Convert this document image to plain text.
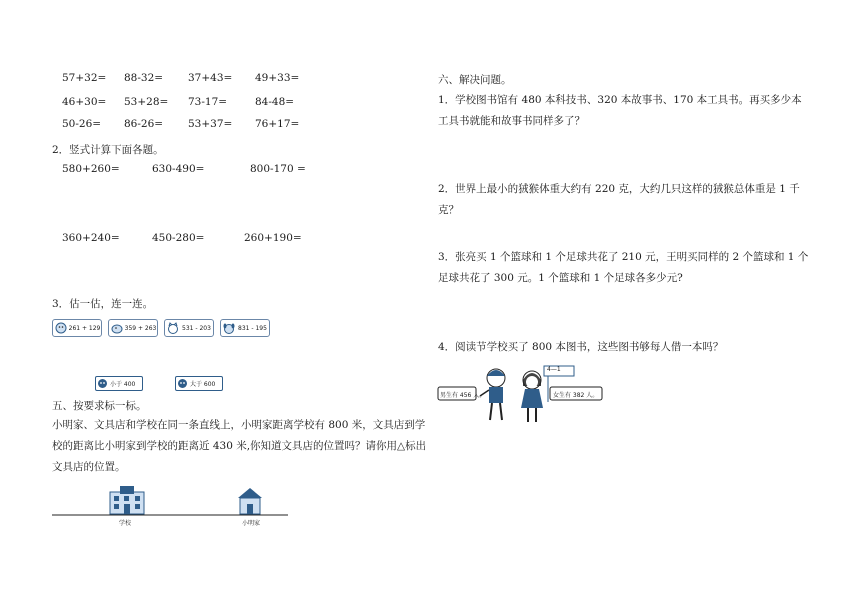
57+32= 88-32= 37+43= 49+33=
46+30= 53+28= 73-17=	84-48=
50-26= 86-26= 53+37= 76+17=
2．竖式计算下面各题。
580+260=	630-490=	800-170 =
360+240=	450-280=	260+190=
3．估一估，连一连。
261 + 129	359 + 263	531 - 203	831 - 195
小于 400	大于 600
五、按要求标一标。
小明家、文具店和学校在同一条直线上，小明家距离学校有 800 米，文具店到学校的距离比小明家到学校的距离近 430 米,你知道文具店的位置吗？请你用△标出文具店的位置。
学校	小明家
六、解决问题。
1．学校图书馆有 480 本科技书、320 本故事书、170 本工具书。再买多少本工具书就能和故事书同样多了？
2．世界上最小的狨猴体重大约有 220 克，大约几只这样的狨猴总体重是 1 千克？
3．张亮买 1 个篮球和 1 个足球共花了 210 元，王明买同样的 2 个篮球和 1 个足球共花了 300 元。1 个篮球和 1 个足球各多少元?
4．阅读节学校买了 800 本图书，这些图书够每人借一本吗？
男生有 456 人。	女生有 382 人。
4—1
